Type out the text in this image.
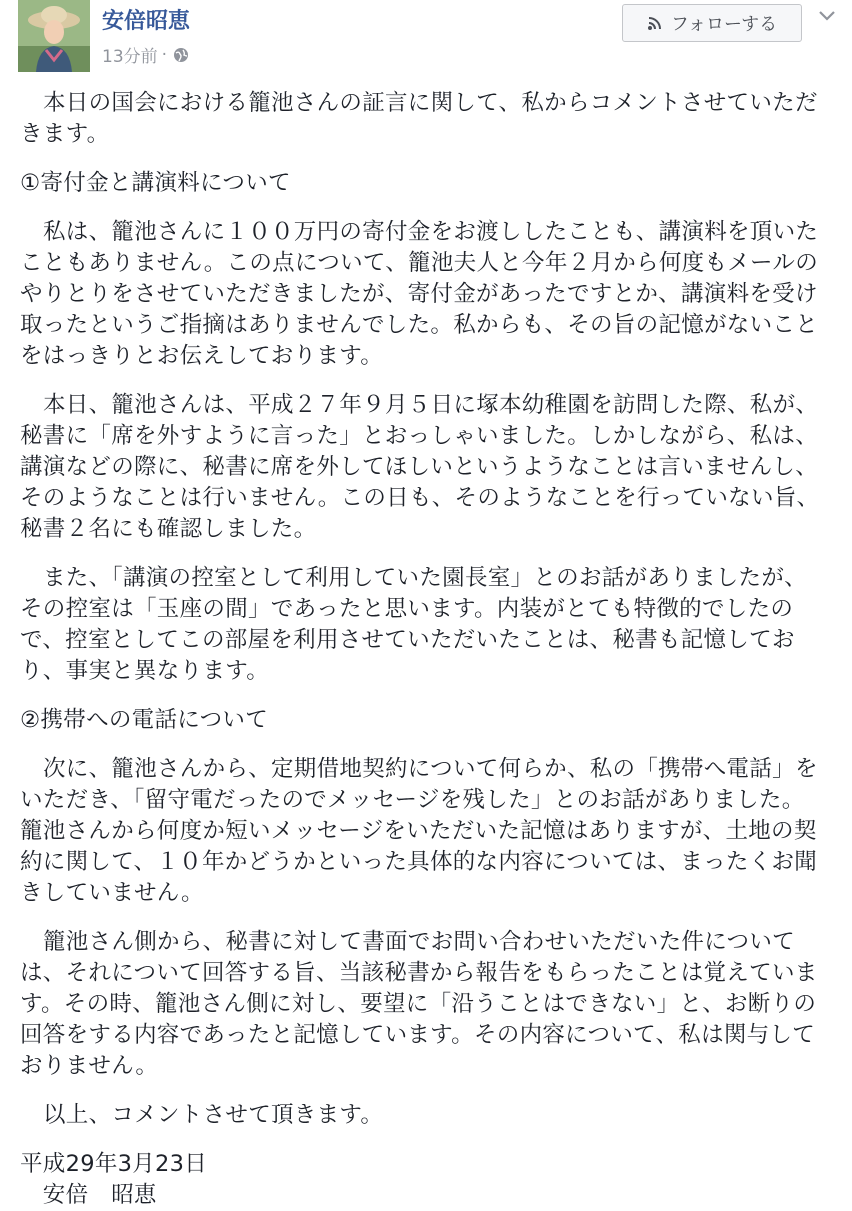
安倍昭恵
13分前 ·
フォローする

本日の国会における籠池さんの証言に関して、私からコメントさせていただきます。

①寄付金と講演料について

私は、籠池さんに１００万円の寄付金をお渡ししたことも、講演料を頂いたこともありません。この点について、籠池夫人と今年２月から何度もメールのやりとりをさせていただきましたが、寄付金があったですとか、講演料を受け取ったというご指摘はありませんでした。私からも、その旨の記憶がないことをはっきりとお伝えしております。

本日、籠池さんは、平成２７年９月５日に塚本幼稚園を訪問した際、私が、秘書に「席を外すように言った」とおっしゃいました。しかしながら、私は、講演などの際に、秘書に席を外してほしいというようなことは言いませんし、そのようなことは行いません。この日も、そのようなことを行っていない旨、秘書２名にも確認しました。

また、「講演の控室として利用していた園長室」とのお話がありましたが、その控室は「玉座の間」であったと思います。内装がとても特徴的でしたので、控室としてこの部屋を利用させていただいたことは、秘書も記憶しており、事実と異なります。

②携帯への電話について

次に、籠池さんから、定期借地契約について何らか、私の「携帯へ電話」をいただき、「留守電だったのでメッセージを残した」とのお話がありました。籠池さんから何度か短いメッセージをいただいた記憶はありますが、土地の契約に関して、１０年かどうかといった具体的な内容については、まったくお聞きしていません。

籠池さん側から、秘書に対して書面でお問い合わせいただいた件については、それについて回答する旨、当該秘書から報告をもらったことは覚えています。その時、籠池さん側に対し、要望に「沿うことはできない」と、お断りの回答をする内容であったと記憶しています。その内容について、私は関与しておりません。

以上、コメントさせて頂きます。

平成29年3月23日

　安倍　昭恵
